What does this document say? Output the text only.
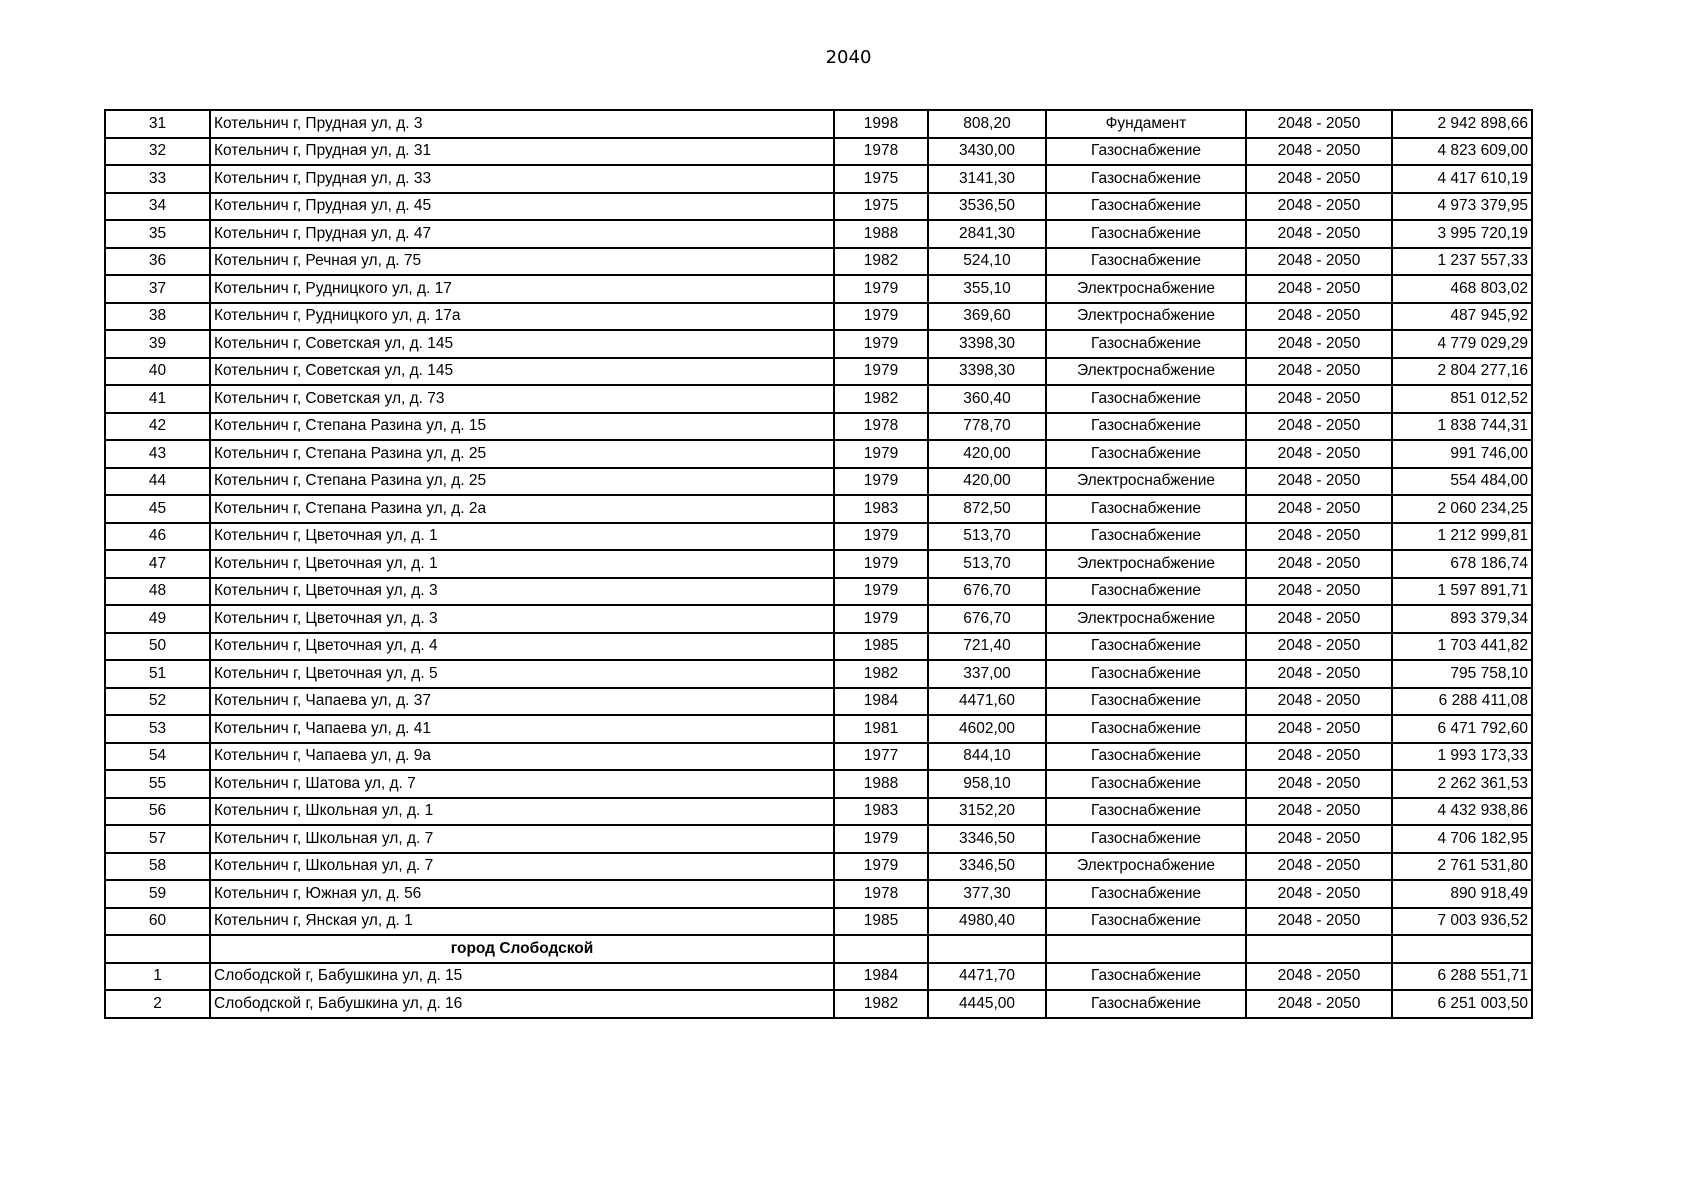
2040
31	Котельнич г, Прудная ул, д. 3	1998	808,20	Фундамент	2048 - 2050	2 942 898,66
32	Котельнич г, Прудная ул, д. 31	1978	3430,00	Газоснабжение	2048 - 2050	4 823 609,00
33	Котельнич г, Прудная ул, д. 33	1975	3141,30	Газоснабжение	2048 - 2050	4 417 610,19
34	Котельнич г, Прудная ул, д. 45	1975	3536,50	Газоснабжение	2048 - 2050	4 973 379,95
35	Котельнич г, Прудная ул, д. 47	1988	2841,30	Газоснабжение	2048 - 2050	3 995 720,19
36	Котельнич г, Речная ул, д. 75	1982	524,10	Газоснабжение	2048 - 2050	1 237 557,33
37	Котельнич г, Рудницкого ул, д. 17	1979	355,10	Электроснабжение	2048 - 2050	468 803,02
38	Котельнич г, Рудницкого ул, д. 17а	1979	369,60	Электроснабжение	2048 - 2050	487 945,92
39	Котельнич г, Советская ул, д. 145	1979	3398,30	Газоснабжение	2048 - 2050	4 779 029,29
40	Котельнич г, Советская ул, д. 145	1979	3398,30	Электроснабжение	2048 - 2050	2 804 277,16
41	Котельнич г, Советская ул, д. 73	1982	360,40	Газоснабжение	2048 - 2050	851 012,52
42	Котельнич г, Степана Разина ул, д. 15	1978	778,70	Газоснабжение	2048 - 2050	1 838 744,31
43	Котельнич г, Степана Разина ул, д. 25	1979	420,00	Газоснабжение	2048 - 2050	991 746,00
44	Котельнич г, Степана Разина ул, д. 25	1979	420,00	Электроснабжение	2048 - 2050	554 484,00
45	Котельнич г, Степана Разина ул, д. 2а	1983	872,50	Газоснабжение	2048 - 2050	2 060 234,25
46	Котельнич г, Цветочная ул, д. 1	1979	513,70	Газоснабжение	2048 - 2050	1 212 999,81
47	Котельнич г, Цветочная ул, д. 1	1979	513,70	Электроснабжение	2048 - 2050	678 186,74
48	Котельнич г, Цветочная ул, д. 3	1979	676,70	Газоснабжение	2048 - 2050	1 597 891,71
49	Котельнич г, Цветочная ул, д. 3	1979	676,70	Электроснабжение	2048 - 2050	893 379,34
50	Котельнич г, Цветочная ул, д. 4	1985	721,40	Газоснабжение	2048 - 2050	1 703 441,82
51	Котельнич г, Цветочная ул, д. 5	1982	337,00	Газоснабжение	2048 - 2050	795 758,10
52	Котельнич г, Чапаева ул, д. 37	1984	4471,60	Газоснабжение	2048 - 2050	6 288 411,08
53	Котельнич г, Чапаева ул, д. 41	1981	4602,00	Газоснабжение	2048 - 2050	6 471 792,60
54	Котельнич г, Чапаева ул, д. 9а	1977	844,10	Газоснабжение	2048 - 2050	1 993 173,33
55	Котельнич г, Шатова ул, д. 7	1988	958,10	Газоснабжение	2048 - 2050	2 262 361,53
56	Котельнич г, Школьная ул, д. 1	1983	3152,20	Газоснабжение	2048 - 2050	4 432 938,86
57	Котельнич г, Школьная ул, д. 7	1979	3346,50	Газоснабжение	2048 - 2050	4 706 182,95
58	Котельнич г, Школьная ул, д. 7	1979	3346,50	Электроснабжение	2048 - 2050	2 761 531,80
59	Котельнич г, Южная ул, д. 56	1978	377,30	Газоснабжение	2048 - 2050	890 918,49
60	Котельнич г, Янская ул, д. 1	1985	4980,40	Газоснабжение	2048 - 2050	7 003 936,52
	город Слободской					
1	Слободской г, Бабушкина ул, д. 15	1984	4471,70	Газоснабжение	2048 - 2050	6 288 551,71
2	Слободской г, Бабушкина ул, д. 16	1982	4445,00	Газоснабжение	2048 - 2050	6 251 003,50
